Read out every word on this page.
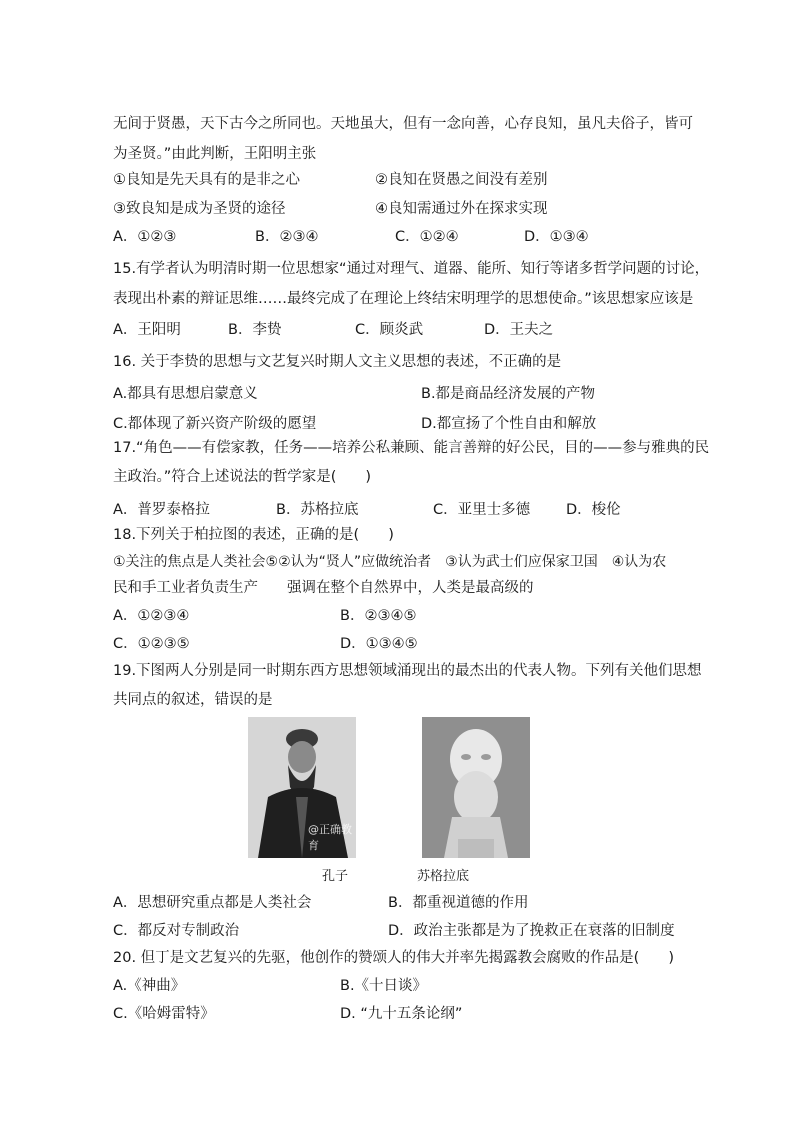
无间于贤愚，天下古今之所同也。天地虽大，但有一念向善，心存良知，虽凡夫俗子，皆可
为圣贤。”由此判断，王阳明主张
①良知是先天具有的是非之心	②良知在贤愚之间没有差别
③致良知是成为圣贤的途径	④良知需通过外在探求实现
A．①②③	B．②③④	C．①②④	D．①③④
15.有学者认为明清时期一位思想家“通过对理气、道器、能所、知行等诸多哲学问题的讨论，
表现出朴素的辩证思维……最终完成了在理论上终结宋明理学的思想使命。”该思想家应该是
A．王阳明	B．李贽	C．顾炎武	D．王夫之
16. 关于李贽的思想与文艺复兴时期人文主义思想的表述，不正确的是
A.都具有思想启蒙意义	B.都是商品经济发展的产物
C.都体现了新兴资产阶级的愿望	D.都宣扬了个性自由和解放
17.“角色——有偿家教，任务——培养公私兼顾、能言善辩的好公民，目的——参与雅典的民
主政治。”符合上述说法的哲学家是(　　)
A．普罗泰格拉	B．苏格拉底	C．亚里士多德 D．梭伦
18.下列关于柏拉图的表述，正确的是(　　)
①关注的焦点是人类社会⑤②认为“贤人”应做统治者　③认为武士们应保家卫国　④认为农
民和手工业者负责生产　　强调在整个自然界中，人类是最高级的
A．①②③④	B．②③④⑤
C．①②③⑤	D．①③④⑤
19.下图两人分别是同一时期东西方思想领域涌现出的最杰出的代表人物。下列有关他们思想
共同点的叙述，错误的是
@正确教育
孔子	苏格拉底
A．思想研究重点都是人类社会	B．都重视道德的作用
C．都反对专制政治	D．政治主张都是为了挽救正在衰落的旧制度
20. 但丁是文艺复兴的先驱，他创作的赞颂人的伟大并率先揭露教会腐败的作品是(　　)
A.《神曲》	B.《十日谈》
C.《哈姆雷特》	D. “九十五条论纲”
